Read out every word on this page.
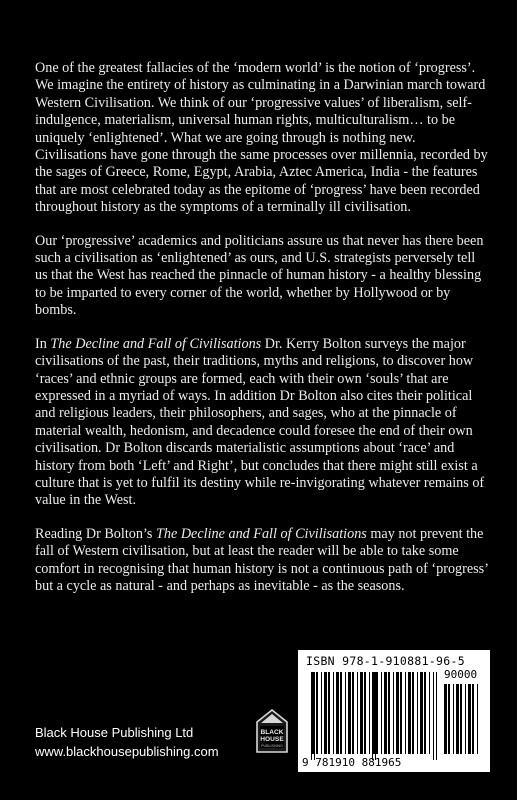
One of the greatest fallacies of the ‘modern world’ is the notion of ‘progress’. We imagine the entirety of history as culminating in a Darwinian march toward Western Civilisation. We think of our ‘progressive values’ of liberalism, self-indulgence, materialism, universal human rights, multiculturalism… to be uniquely ‘enlightened’. What we are going through is nothing new. Civilisations have gone through the same processes over millennia, recorded by the sages of Greece, Rome, Egypt, Arabia, Aztec America, India - the features that are most celebrated today as the epitome of ‘progress’ have been recorded throughout history as the symptoms of a terminally ill civilisation.

Our ‘progressive’ academics and politicians assure us that never has there been such a civilisation as ‘enlightened’ as ours, and U.S. strategists perversely tell us that the West has reached the pinnacle of human history - a healthy blessing to be imparted to every corner of the world, whether by Hollywood or by bombs.

In The Decline and Fall of Civilisations Dr. Kerry Bolton surveys the major civilisations of the past, their traditions, myths and religions, to discover how ‘races’ and ethnic groups are formed, each with their own ‘souls’ that are expressed in a myriad of ways. In addition Dr Bolton also cites their political and religious leaders, their philosophers, and sages, who at the pinnacle of material wealth, hedonism, and decadence could foresee the end of their own civilisation. Dr Bolton discards materialistic assumptions about ‘race’ and history from both ‘Left’ and Right’, but concludes that there might still exist a culture that is yet to fulfil its destiny while re-invigorating whatever remains of value in the West.

Reading Dr Bolton’s The Decline and Fall of Civilisations may not prevent the fall of Western civilisation, but at least the reader will be able to take some comfort in recognising that human history is not a continuous path of ‘progress’ but a cycle as natural - and perhaps as inevitable - as the seasons.

Black House Publishing Ltd
www.blackhousepublishing.com
BLACK
HOUSE
PUBLISHING
ISBN 978-1-910881-96-5
90000
9 781910 881965
